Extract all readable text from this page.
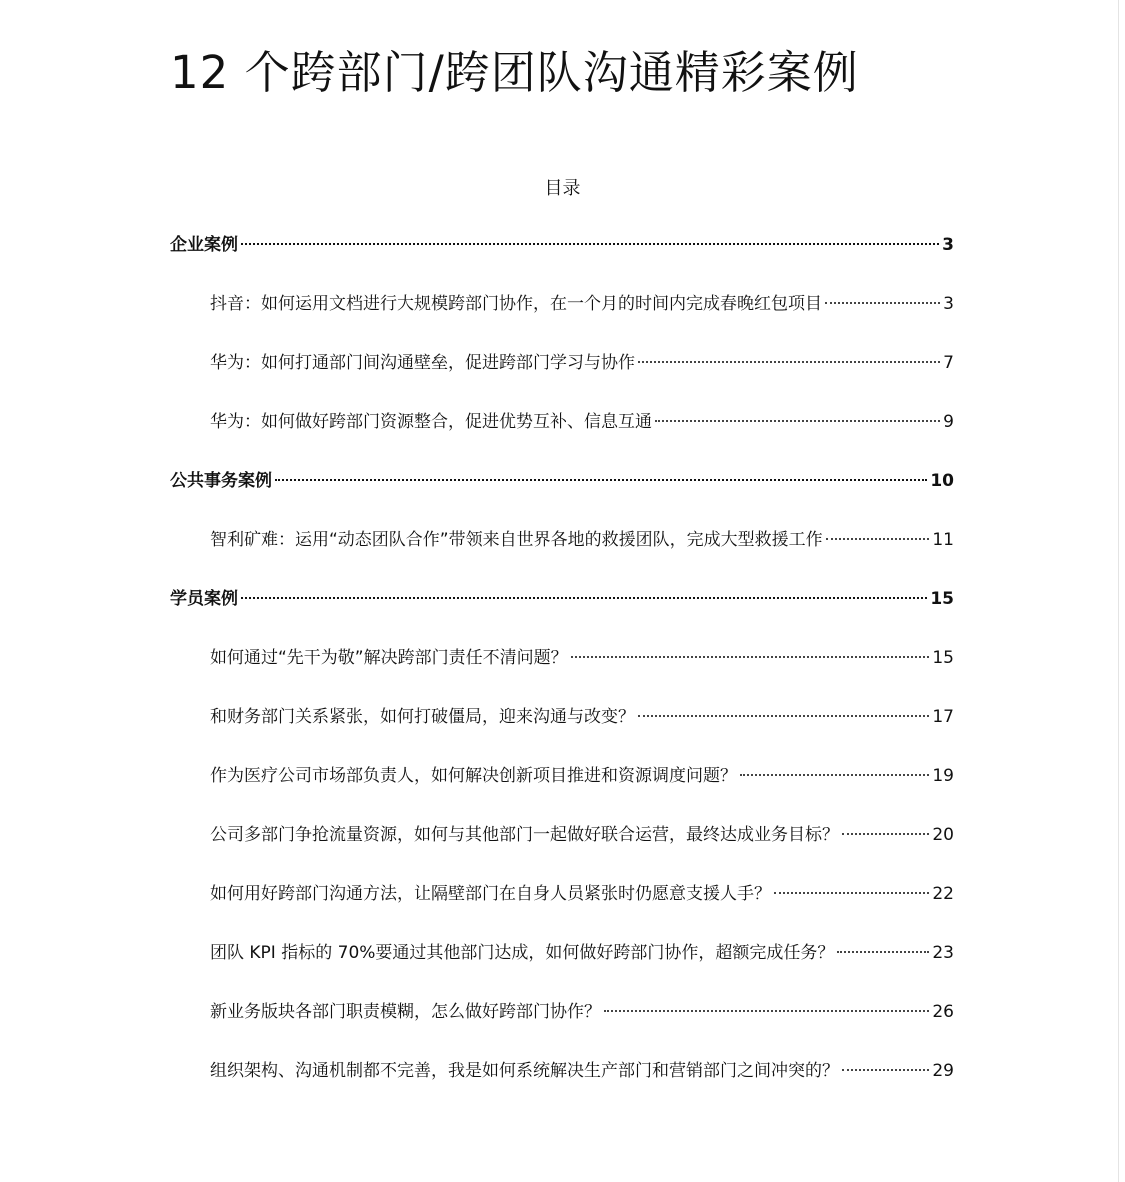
12 个跨部门/跨团队沟通精彩案例
目录
企业案例	3
抖音：如何运用文档进行大规模跨部门协作，在一个月的时间内完成春晚红包项目	3
华为：如何打通部门间沟通壁垒，促进跨部门学习与协作	7
华为：如何做好跨部门资源整合，促进优势互补、信息互通	9
公共事务案例	10
智利矿难：运用“动态团队合作”带领来自世界各地的救援团队，完成大型救援工作	11
学员案例	15
如何通过“先干为敬”解决跨部门责任不清问题？	15
和财务部门关系紧张，如何打破僵局，迎来沟通与改变？	17
作为医疗公司市场部负责人，如何解决创新项目推进和资源调度问题？	19
公司多部门争抢流量资源，如何与其他部门一起做好联合运营，最终达成业务目标？	20
如何用好跨部门沟通方法，让隔壁部门在自身人员紧张时仍愿意支援人手？	22
团队 KPI 指标的 70%要通过其他部门达成，如何做好跨部门协作，超额完成任务？	23
新业务版块各部门职责模糊，怎么做好跨部门协作？	26
组织架构、沟通机制都不完善，我是如何系统解决生产部门和营销部门之间冲突的？	29
